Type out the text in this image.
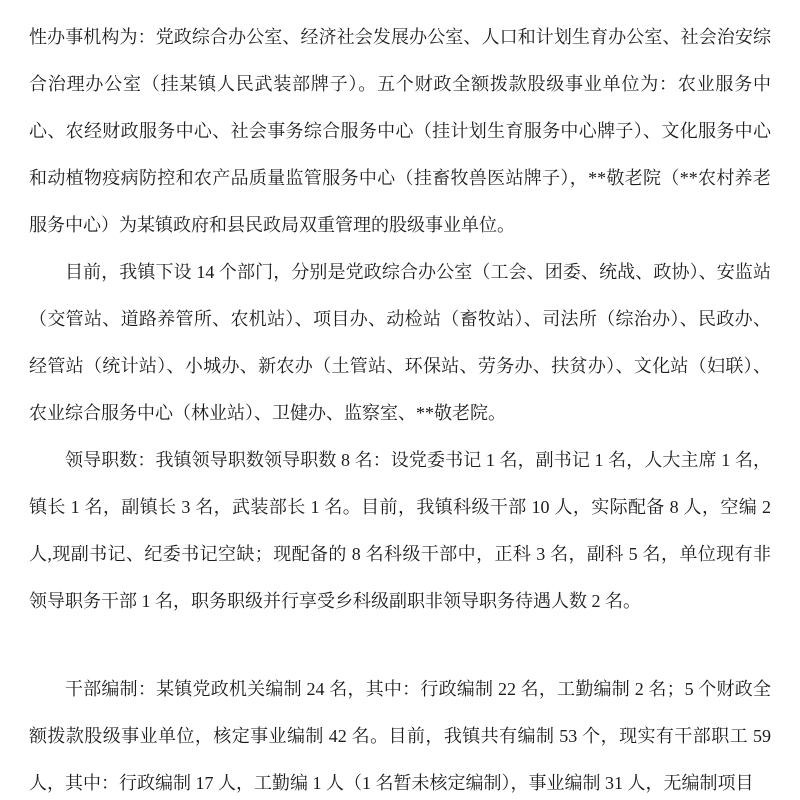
性办事机构为：党政综合办公室、经济社会发展办公室、人口和计划生育办公室、社会治安综合治理办公室（挂某镇人民武装部牌子）。五个财政全额拨款股级事业单位为：农业服务中心、农经财政服务中心、社会事务综合服务中心（挂计划生育服务中心牌子）、文化服务中心和动植物疫病防控和农产品质量监管服务中心（挂畜牧兽医站牌子），**敬老院（**农村养老服务中心）为某镇政府和县民政局双重管理的股级事业单位。

目前，我镇下设 14 个部门，分别是党政综合办公室（工会、团委、统战、政协）、安监站（交管站、道路养管所、农机站）、项目办、动检站（畜牧站）、司法所（综治办）、民政办、经管站（统计站）、小城办、新农办（土管站、环保站、劳务办、扶贫办）、文化站（妇联）、农业综合服务中心（林业站）、卫健办、监察室、**敬老院。

领导职数：我镇领导职数领导职数 8 名：设党委书记 1 名，副书记 1 名，人大主席 1 名，镇长 1 名，副镇长 3 名，武装部长 1 名。目前，我镇科级干部 10 人，实际配备 8 人，空编 2 人,现副书记、纪委书记空缺；现配备的 8 名科级干部中，正科 3 名，副科 5 名，单位现有非领导职务干部 1 名，职务职级并行享受乡科级副职非领导职务待遇人数 2 名。

干部编制：某镇党政机关编制 24 名，其中：行政编制 22 名，工勤编制 2 名；5 个财政全额拨款股级事业单位，核定事业编制 42 名。目前，我镇共有编制 53 个，现实有干部职工 59 人，其中：行政编制 17 人，工勤编 1 人（1 名暂未核定编制），事业编制 31 人，无编制项目
